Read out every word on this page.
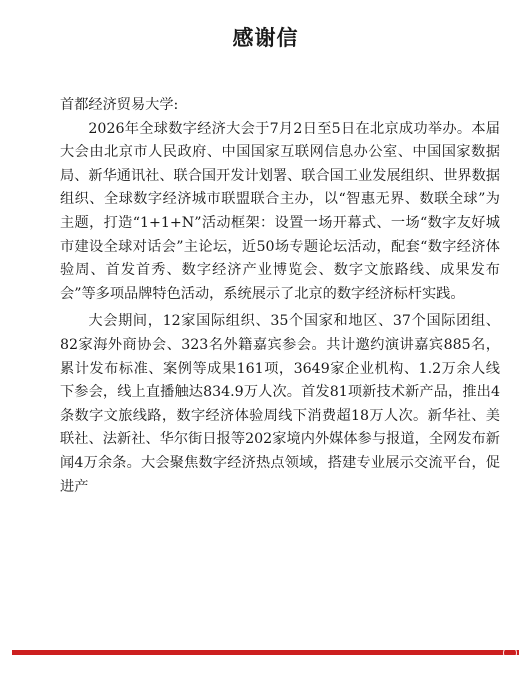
感谢信

首都经济贸易大学:

2026年全球数字经济大会于7月2日至5日在北京成功举办。本届大会由北京市人民政府、中国国家互联网信息办公室、中国国家数据局、新华通讯社、联合国开发计划署、联合国工业发展组织、世界数据组织、全球数字经济城市联盟联合主办，以“智惠无界、数联全球”为主题，打造“1+1+N”活动框架：设置一场开幕式、一场“数字友好城市建设全球对话会”主论坛，近50场专题论坛活动，配套“数字经济体验周、首发首秀、数字经济产业博览会、数字文旅路线、成果发布会”等多项品牌特色活动，系统展示了北京的数字经济标杆实践。

大会期间，12家国际组织、35个国家和地区、37个国际团组、82家海外商协会、323名外籍嘉宾参会。共计邀约演讲嘉宾885名，累计发布标准、案例等成果161项，3649家企业机构、1.2万余人线下参会，线上直播触达834.9万人次。首发81项新技术新产品，推出4条数字文旅线路，数字经济体验周线下消费超18万人次。新华社、美联社、法新社、华尔街日报等202家境内外媒体参与报道，全网发布新闻4万余条。大会聚焦数字经济热点领域，搭建专业展示交流平台，促进产
